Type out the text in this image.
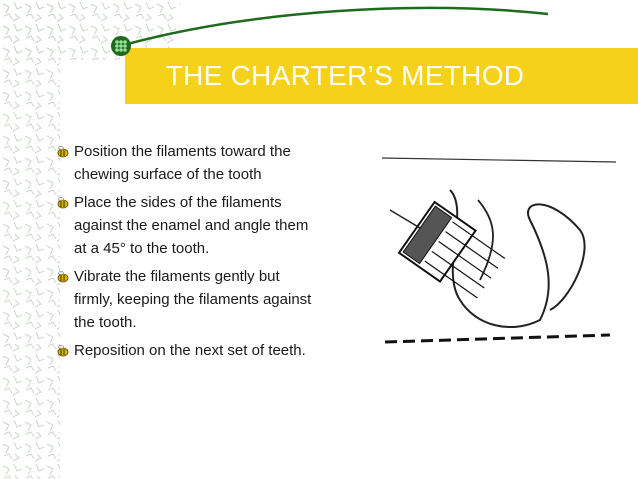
THE CHARTER’S METHOD
Position the filaments toward the chewing surface of the tooth
Place the sides of the filaments against the enamel and angle them at a 45° to the tooth.
Vibrate the filaments gently but firmly, keeping the filaments against the tooth.
Reposition on the next set of teeth.
